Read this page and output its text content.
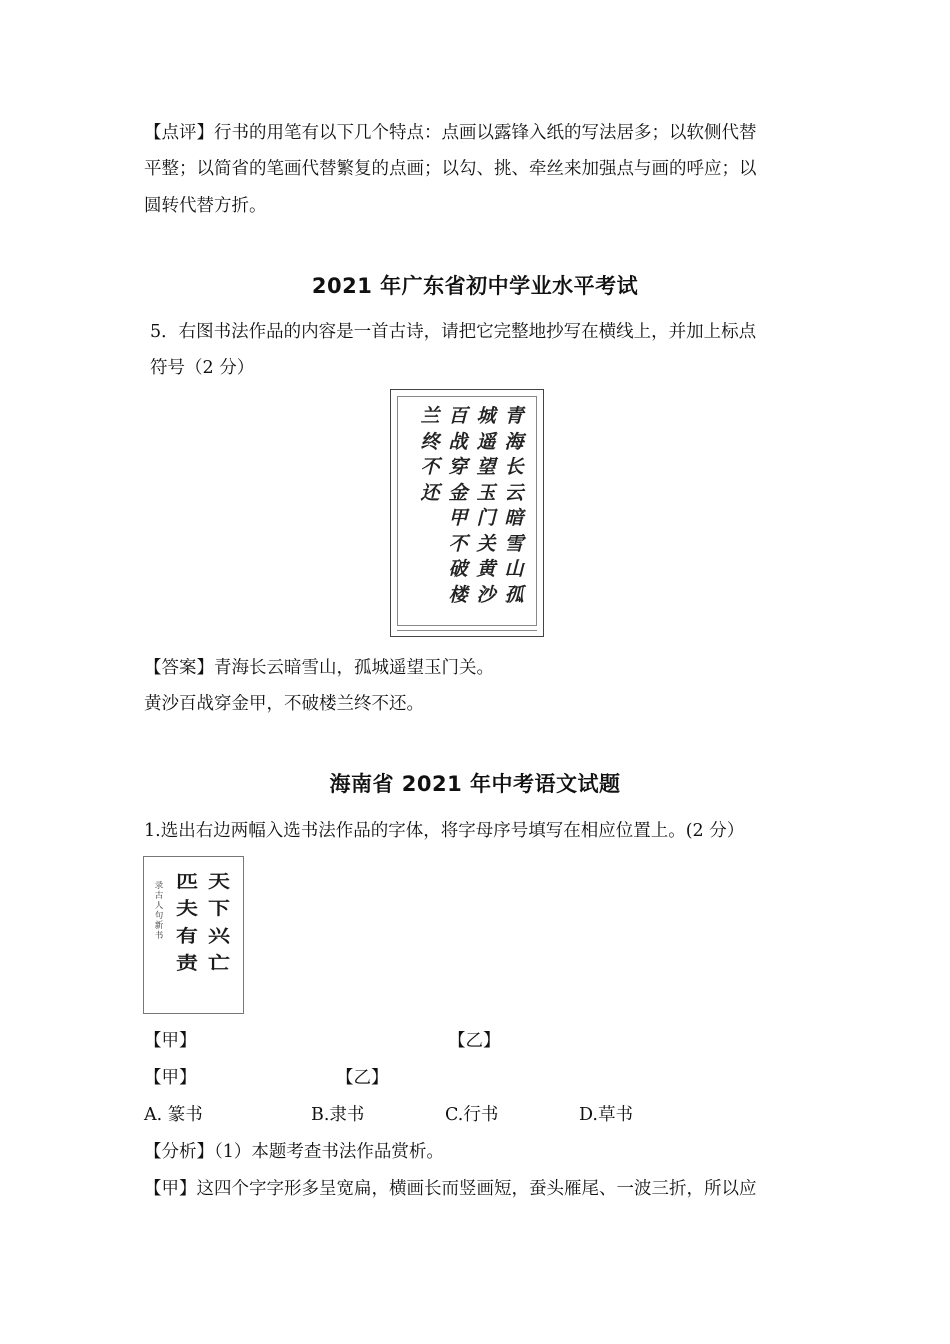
【点评】行书的用笔有以下几个特点：点画以露锋入纸的写法居多；以软侧代替
平整；以简省的笔画代替繁复的点画；以勾、挑、牵丝来加强点与画的呼应；以
圆转代替方折。
2021 年广东省初中学业水平考试
5．右图书法作品的内容是一首古诗，请把它完整地抄写在横线上，并加上标点
符号（2 分）
青海长云暗雪山孤
城遥望玉门关黄沙
百战穿金甲不破楼
兰终不还
【答案】青海长云暗雪山，孤城遥望玉门关。
黄沙百战穿金甲，不破楼兰终不还。
海南省 2021 年中考语文试题
1.选出右边两幅入选书法作品的字体，将字母序号填写在相应位置上。(2 分）
天下兴亡
匹夫有责
录古人句新书
【甲】	【乙】
【甲】	【乙】
A. 篆书	B.隶书	C.行书	D.草书
【分析】（1）本题考查书法作品赏析。
【甲】这四个字字形多呈宽扁，横画长而竖画短，蚕头雁尾、一波三折，所以应
